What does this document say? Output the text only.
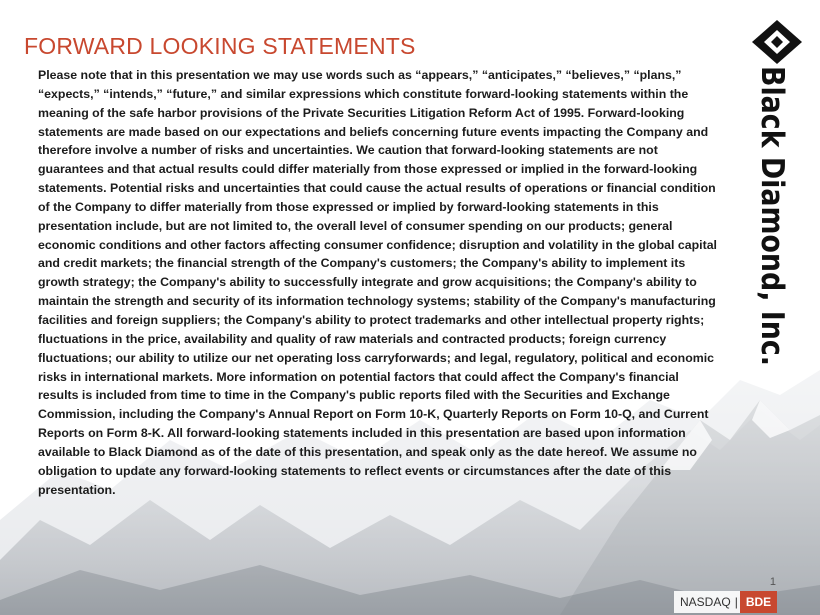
FORWARD LOOKING STATEMENTS

Please note that in this presentation we may use words such as “appears,” “anticipates,” “believes,” “plans,” “expects,” “intends,” “future,” and similar expressions which constitute forward-looking statements within the meaning of the safe harbor provisions of the Private Securities Litigation Reform Act of 1995. Forward-looking statements are made based on our expectations and beliefs concerning future events impacting the Company and therefore involve a number of risks and uncertainties. We caution that forward-looking statements are not guarantees and that actual results could differ materially from those expressed or implied in the forward-looking statements. Potential risks and uncertainties that could cause the actual results of operations or financial condition of the Company to differ materially from those expressed or implied by forward-looking statements in this presentation include, but are not limited to, the overall level of consumer spending on our products; general economic conditions and other factors affecting consumer confidence; disruption and volatility in the global capital and credit markets; the financial strength of the Company's customers; the Company's ability to implement its growth strategy; the Company's ability to successfully integrate and grow acquisitions; the Company's ability to maintain the strength and security of its information technology systems; stability of the Company's manufacturing facilities and foreign suppliers; the Company's ability to protect trademarks and other intellectual property rights; fluctuations in the price, availability and quality of raw materials and contracted products; foreign currency fluctuations; our ability to utilize our net operating loss carryforwards; and legal, regulatory, political and economic risks in international markets. More information on potential factors that could affect the Company's financial results is included from time to time in the Company's public reports filed with the Securities and Exchange Commission, including the Company's Annual Report on Form 10-K, Quarterly Reports on Form 10-Q, and Current Reports on Form 8-K. All forward-looking statements included in this presentation are based upon information available to Black Diamond as of the date of this presentation, and speak only as the date hereof. We assume no obligation to update any forward-looking statements to reflect events or circumstances after the date of this presentation.

Black Diamond, Inc.
1
NASDAQ | BDE
